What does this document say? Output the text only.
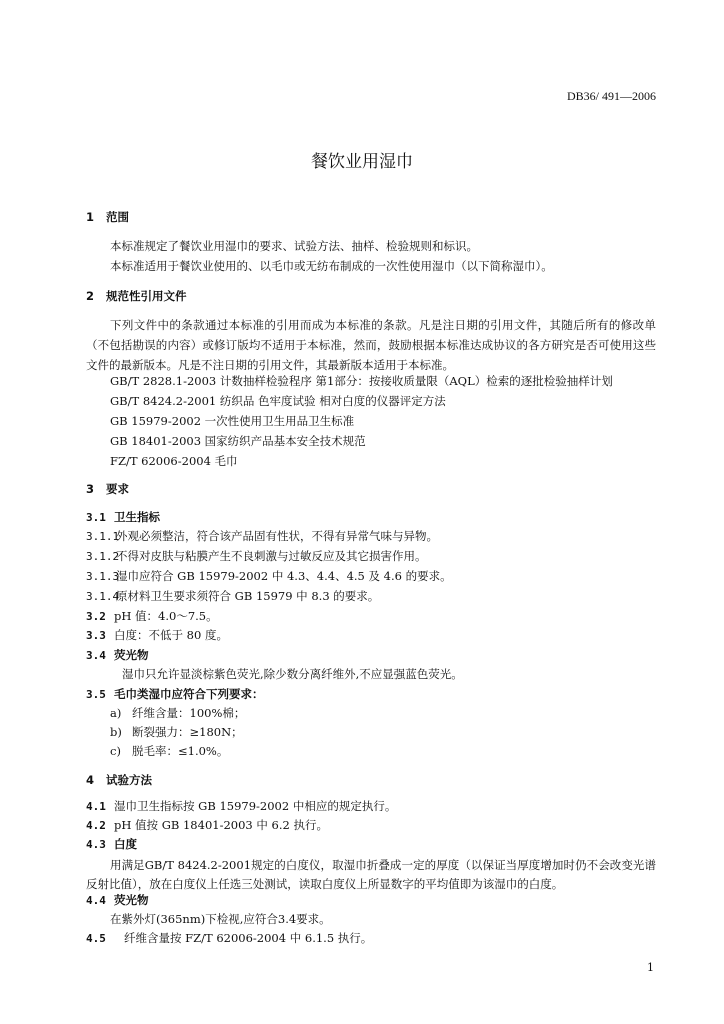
DB36/ 491—2006
餐饮业用湿巾
1 范围
本标准规定了餐饮业用湿巾的要求、试验方法、抽样、检验规则和标识。
本标准适用于餐饮业使用的、以毛巾或无纺布制成的一次性使用湿巾（以下简称湿巾）。
2 规范性引用文件
下列文件中的条款通过本标准的引用而成为本标准的条款。凡是注日期的引用文件，其随后所有的修改单（不包括勘误的内容）或修订版均不适用于本标准，然而，鼓励根据本标准达成协议的各方研究是否可使用这些文件的最新版本。凡是不注日期的引用文件，其最新版本适用于本标准。
GB/T 2828.1-2003 计数抽样检验程序 第1部分：按接收质量限（AQL）检索的逐批检验抽样计划
GB/T 8424.2-2001 纺织品 色牢度试验 相对白度的仪器评定方法
GB 15979-2002 一次性使用卫生用品卫生标准
GB 18401-2003 国家纺织产品基本安全技术规范
FZ/T 62006-2004 毛巾
3 要求
3.1 卫生指标
3.1.1外观必须整洁，符合该产品固有性状，不得有异常气味与异物。
3.1.2不得对皮肤与粘膜产生不良刺激与过敏反应及其它损害作用。
3.1.3湿巾应符合 GB 15979-2002 中 4.3、4.4、4.5 及 4.6 的要求。
3.1.4原材料卫生要求须符合 GB 15979 中 8.3 的要求。
3.2 pH 值：4.0～7.5。
3.3 白度：不低于 80 度。
3.4 荧光物
湿巾只允许显淡棕紫色荧光,除少数分离纤维外,不应显强蓝色荧光。
3.5 毛巾类湿巾应符合下列要求：
a) 纤维含量：100%棉；
b) 断裂强力：≥180N；
c) 脱毛率：≤1.0%。
4 试验方法
4.1 湿巾卫生指标按 GB 15979-2002 中相应的规定执行。
4.2 pH 值按 GB 18401-2003 中 6.2 执行。
4.3 白度
用满足GB/T 8424.2-2001规定的白度仪，取湿巾折叠成一定的厚度（以保证当厚度增加时仍不会改变光谱反射比值），放在白度仪上任选三处测试，读取白度仪上所显数字的平均值即为该湿巾的白度。
4.4 荧光物
在紫外灯(365nm)下检视,应符合3.4要求。
4.5 纤维含量按 FZ/T 62006-2004 中 6.1.5 执行。
1
